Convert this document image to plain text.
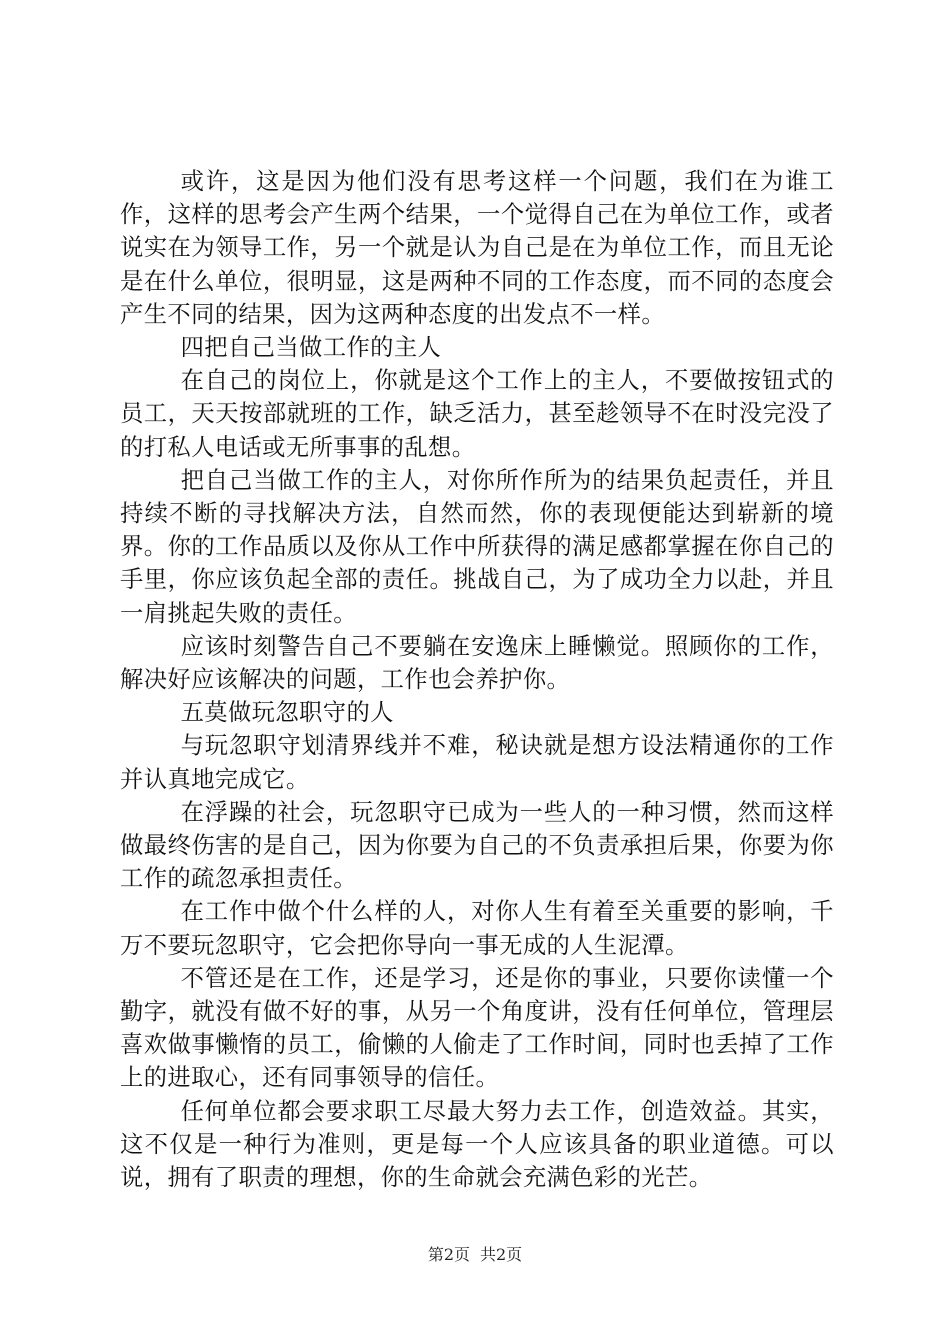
或许，这是因为他们没有思考这样一个问题，我们在为谁工作，这样的思考会产生两个结果，一个觉得自己在为单位工作，或者说实在为领导工作，另一个就是认为自己是在为单位工作，而且无论是在什么单位，很明显，这是两种不同的工作态度，而不同的态度会产生不同的结果，因为这两种态度的出发点不一样。

四把自己当做工作的主人

在自己的岗位上，你就是这个工作上的主人，不要做按钮式的员工，天天按部就班的工作，缺乏活力，甚至趁领导不在时没完没了的打私人电话或无所事事的乱想。

把自己当做工作的主人，对你所作所为的结果负起责任，并且持续不断的寻找解决方法，自然而然，你的表现便能达到崭新的境界。你的工作品质以及你从工作中所获得的满足感都掌握在你自己的手里，你应该负起全部的责任。挑战自己，为了成功全力以赴，并且一肩挑起失败的责任。

应该时刻警告自己不要躺在安逸床上睡懒觉。照顾你的工作，解决好应该解决的问题，工作也会养护你。

五莫做玩忽职守的人

与玩忽职守划清界线并不难，秘诀就是想方设法精通你的工作并认真地完成它。

在浮躁的社会，玩忽职守已成为一些人的一种习惯，然而这样做最终伤害的是自己，因为你要为自己的不负责承担后果，你要为你工作的疏忽承担责任。

在工作中做个什么样的人，对你人生有着至关重要的影响，千万不要玩忽职守，它会把你导向一事无成的人生泥潭。

不管还是在工作，还是学习，还是你的事业，只要你读懂一个勤字，就没有做不好的事，从另一个角度讲，没有任何单位，管理层喜欢做事懒惰的员工，偷懒的人偷走了工作时间，同时也丢掉了工作上的进取心，还有同事领导的信任。

任何单位都会要求职工尽最大努力去工作，创造效益。其实，这不仅是一种行为准则，更是每一个人应该具备的职业道德。可以说，拥有了职责的理想，你的生命就会充满色彩的光芒。

第2页 共2页
